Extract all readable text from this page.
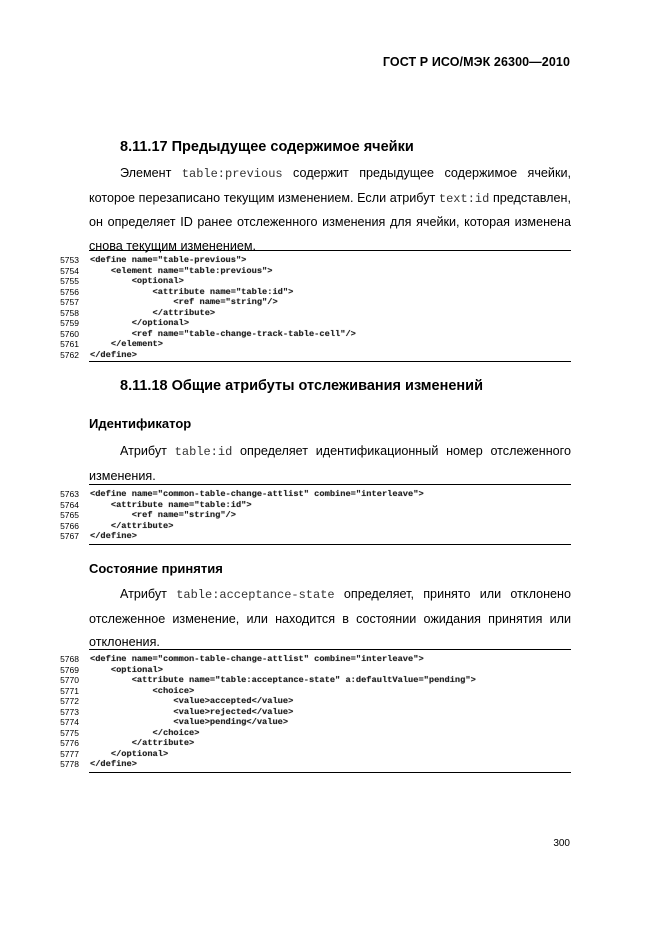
ГОСТ Р ИСО/МЭК 26300—2010
8.11.17 Предыдущее содержимое ячейки
Элемент table:previous содержит предыдущее содержимое ячейки,
которое перезаписано текущим изменением. Если атрибут text:id представлен,
он определяет ID ранее отслеженного изменения для ячейки, которая изменена
снова текущим изменением.
5753 <define name="table-previous">
5754 <element name="table:previous">
5755 <optional>
5756 <attribute name="table:id">
5757 <ref name="string"/>
5758 </attribute>
5759 </optional>
5760 <ref name="table-change-track-table-cell"/>
5761 </element>
5762 </define>
8.11.18 Общие атрибуты отслеживания изменений
Идентификатор
Атрибут table:id определяет идентификационный номер отслеженного
изменения.
5763 <define name="common-table-change-attlist" combine="interleave">
5764 <attribute name="table:id">
5765 <ref name="string"/>
5766 </attribute>
5767 </define>
Состояние принятия
Атрибут table:acceptance-state определяет, принято или отклонено
отслеженное изменение, или находится в состоянии ожидания принятия или
отклонения.
5768 <define name="common-table-change-attlist" combine="interleave">
5769 <optional>
5770 <attribute name="table:acceptance-state" a:defaultValue="pending">
5771 <choice>
5772 <value>accepted</value>
5773 <value>rejected</value>
5774 <value>pending</value>
5775 </choice>
5776 </attribute>
5777 </optional>
5778 </define>
300
